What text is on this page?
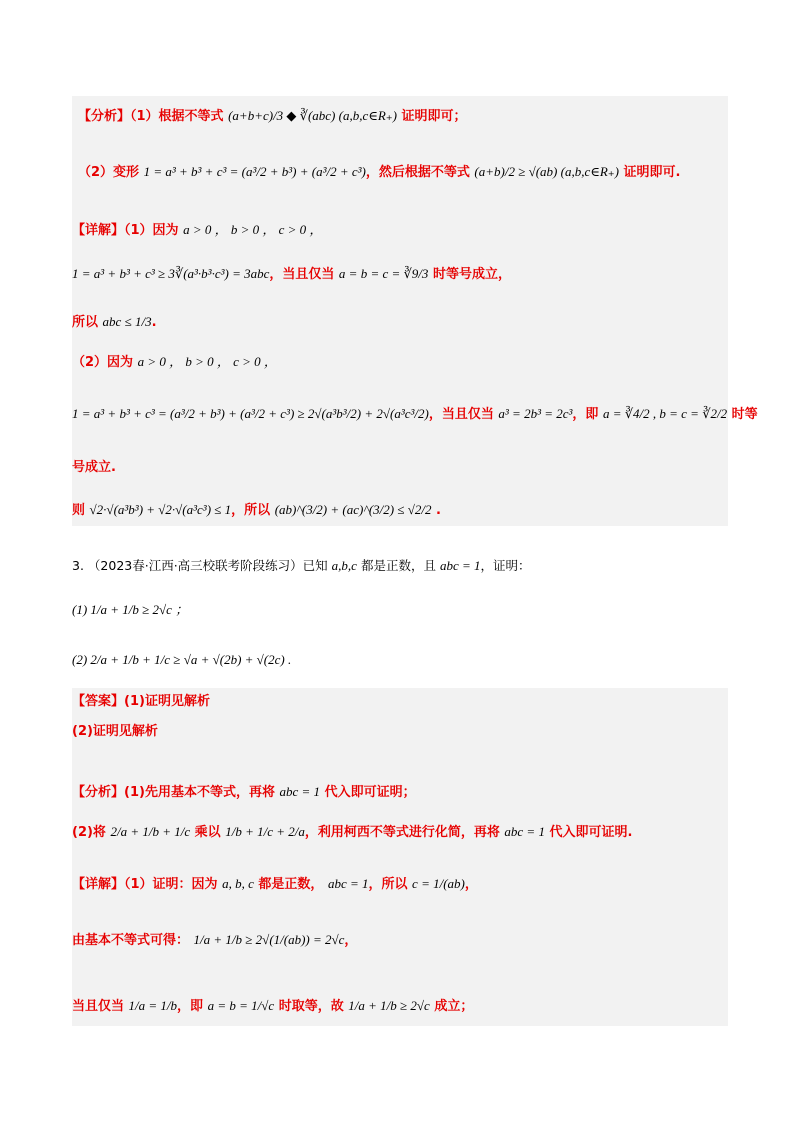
【分析】（1）根据不等式 (a+b+c)/3 ◆ ∛(abc) (a,b,c∈R₊) 证明即可；
（2）变形 1 = a³ + b³ + c³ = (a³/2 + b³) + (a³/2 + c³)，然后根据不等式 (a+b)/2 ≥ √(ab) (a,b,c∈R₊) 证明即可.
【详解】（1）因为 a > 0 ， b > 0 ， c > 0 ，
1 = a³ + b³ + c³ ≥ 3∛(a³·b³·c³) = 3abc，当且仅当 a = b = c = ∛9/3 时等号成立，
所以 abc ≤ 1/3.
（2）因为 a > 0 ， b > 0 ， c > 0 ，
1 = a³ + b³ + c³ = (a³/2 + b³) + (a³/2 + c³) ≥ 2√(a³b³/2) + 2√(a³c³/2)，当且仅当 a³ = 2b³ = 2c³，即 a = ∛4/2 , b = c = ∛2/2 时等
号成立.
则 √2·√(a³b³) + √2·√(a³c³) ≤ 1，所以 (ab)^(3/2) + (ac)^(3/2) ≤ √2/2 .
3. （2023春·江西·高三校联考阶段练习）已知 a,b,c 都是正数，且 abc = 1，证明：
(1) 1/a + 1/b ≥ 2√c ；
(2) 2/a + 1/b + 1/c ≥ √a + √(2b) + √(2c) .
【答案】(1)证明见解析
(2)证明见解析
【分析】(1)先用基本不等式，再将 abc = 1 代入即可证明；
(2)将 2/a + 1/b + 1/c 乘以 1/b + 1/c + 2/a，利用柯西不等式进行化简，再将 abc = 1 代入即可证明.
【详解】（1）证明：因为 a, b, c 都是正数， abc = 1，所以 c = 1/(ab)，
由基本不等式可得： 1/a + 1/b ≥ 2√(1/(ab)) = 2√c，
当且仅当 1/a = 1/b，即 a = b = 1/√c 时取等，故 1/a + 1/b ≥ 2√c 成立；
